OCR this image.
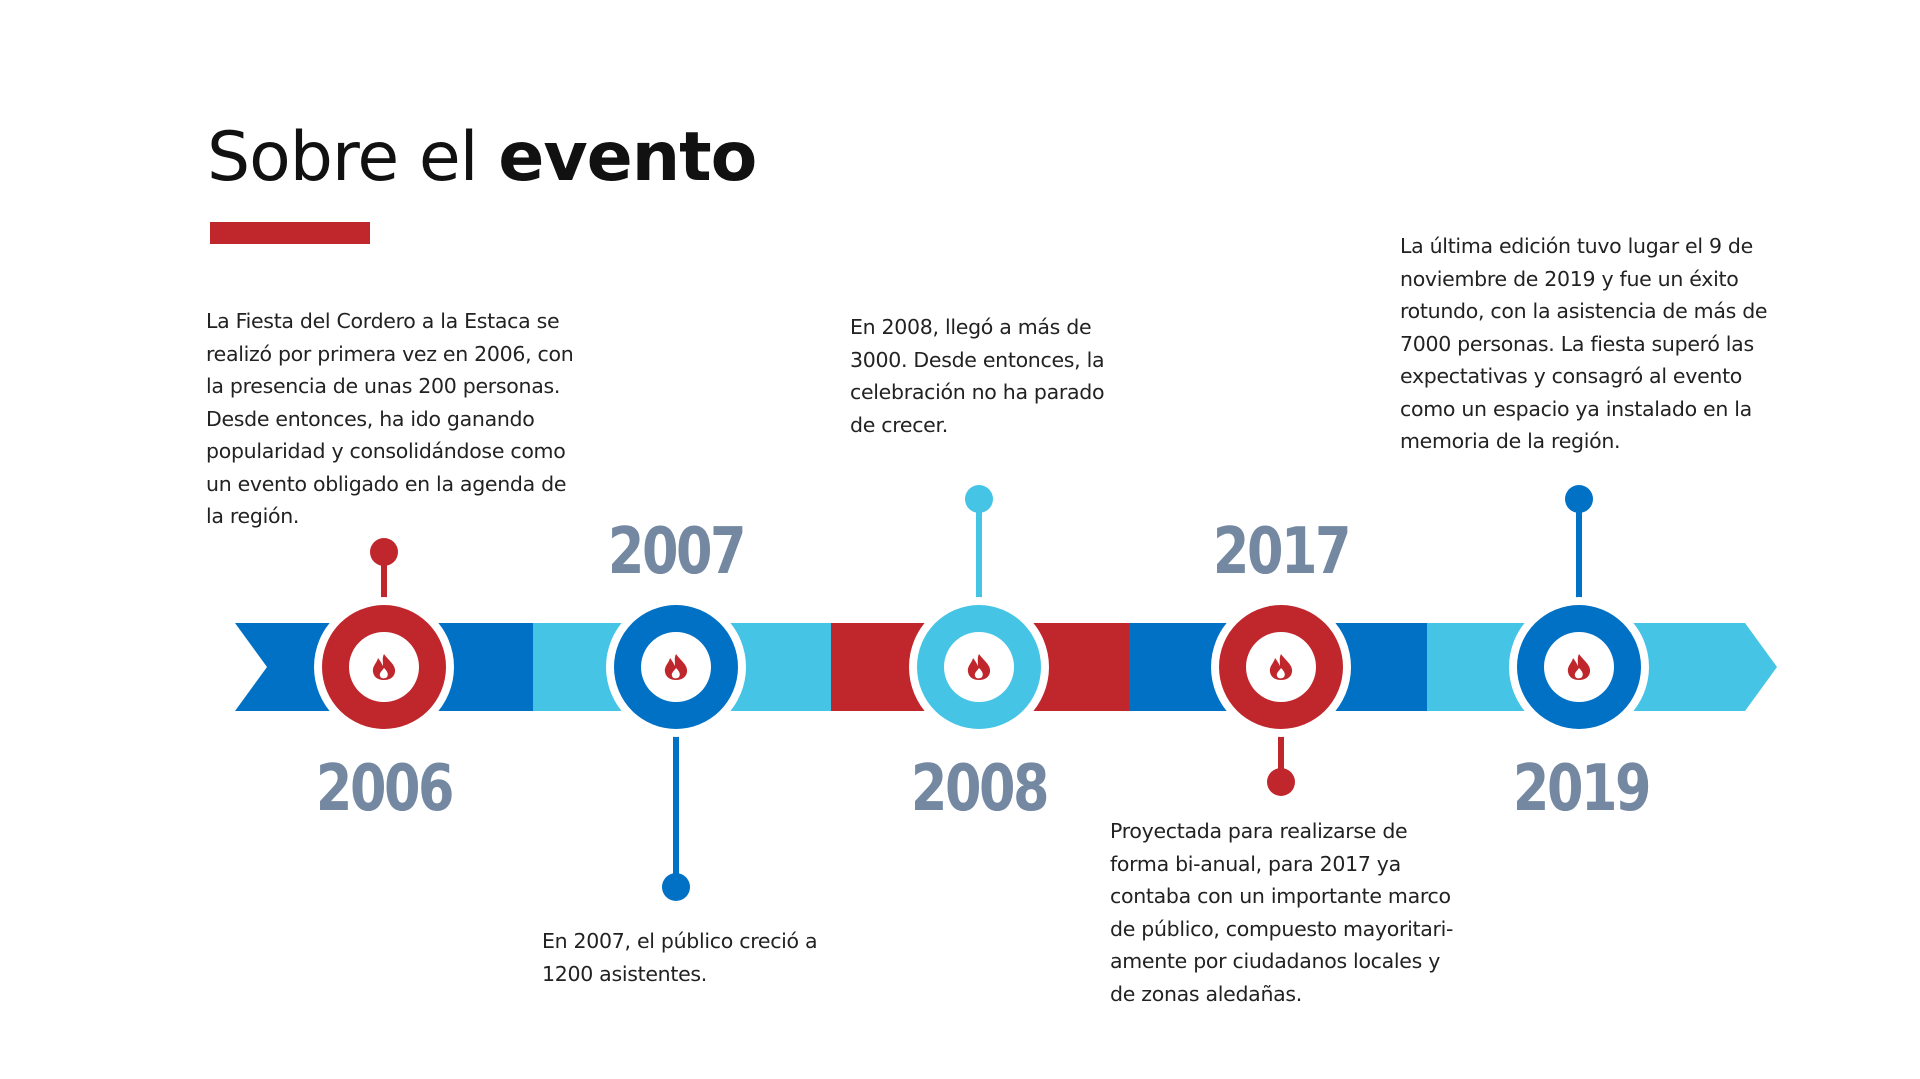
Sobre el evento
La Fiesta del Cordero a la Estaca se
realizó por primera vez en 2006, con
la presencia de unas 200 personas.
Desde entonces, ha ido ganando
popularidad y consolidándose como
un evento obligado en la agenda de
la región.
En 2007, el público creció a
1200 asistentes.
En 2008, llegó a más de
3000. Desde entonces, la
celebración no ha parado
de crecer.
Proyectada para realizarse de
forma bi-anual, para 2017 ya
contaba con un importante marco
de público, compuesto mayoritari-
amente por ciudadanos locales y
de zonas aledañas.
La última edición tuvo lugar el 9 de
noviembre de 2019 y fue un éxito
rotundo, con la asistencia de más de
7000 personas. La fiesta superó las
expectativas y consagró al evento
como un espacio ya instalado en la
memoria de la región.
2006
2007
2008
2017
2019
